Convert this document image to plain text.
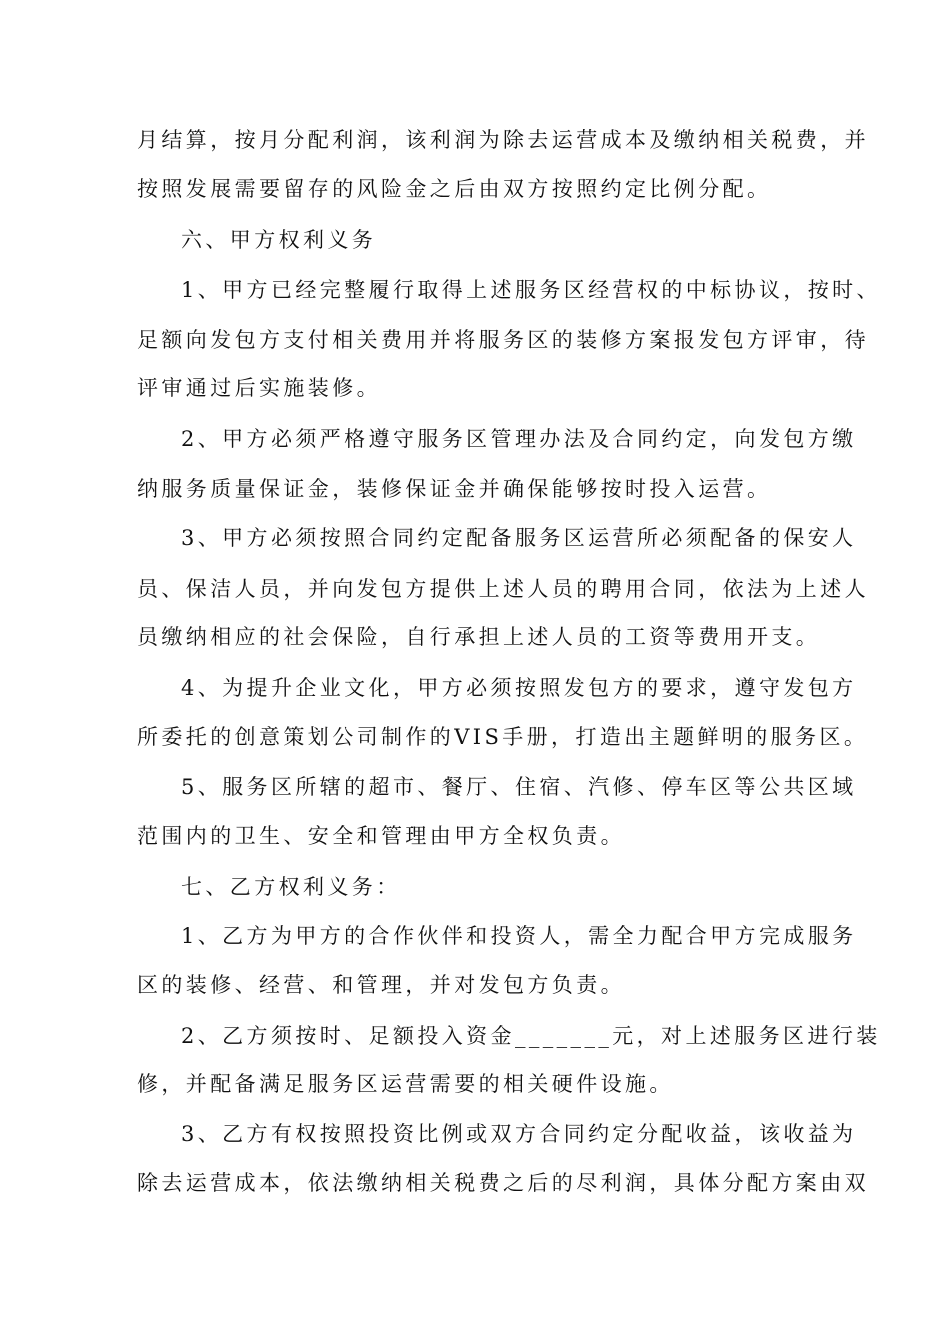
月结算，按月分配利润，该利润为除去运营成本及缴纳相关税费，并
按照发展需要留存的风险金之后由双方按照约定比例分配。
六、甲方权利义务
1、甲方已经完整履行取得上述服务区经营权的中标协议，按时、
足额向发包方支付相关费用并将服务区的装修方案报发包方评审，待
评审通过后实施装修。
2、甲方必须严格遵守服务区管理办法及合同约定，向发包方缴
纳服务质量保证金，装修保证金并确保能够按时投入运营。
3、甲方必须按照合同约定配备服务区运营所必须配备的保安人
员、保洁人员，并向发包方提供上述人员的聘用合同，依法为上述人
员缴纳相应的社会保险，自行承担上述人员的工资等费用开支。
4、为提升企业文化，甲方必须按照发包方的要求，遵守发包方
所委托的创意策划公司制作的VIS手册，打造出主题鲜明的服务区。
5、服务区所辖的超市、餐厅、住宿、汽修、停车区等公共区域
范围内的卫生、安全和管理由甲方全权负责。
七、乙方权利义务：
1、乙方为甲方的合作伙伴和投资人，需全力配合甲方完成服务
区的装修、经营、和管理，并对发包方负责。
2、乙方须按时、足额投入资金_______元，对上述服务区进行装
修，并配备满足服务区运营需要的相关硬件设施。
3、乙方有权按照投资比例或双方合同约定分配收益，该收益为
除去运营成本，依法缴纳相关税费之后的尽利润，具体分配方案由双
